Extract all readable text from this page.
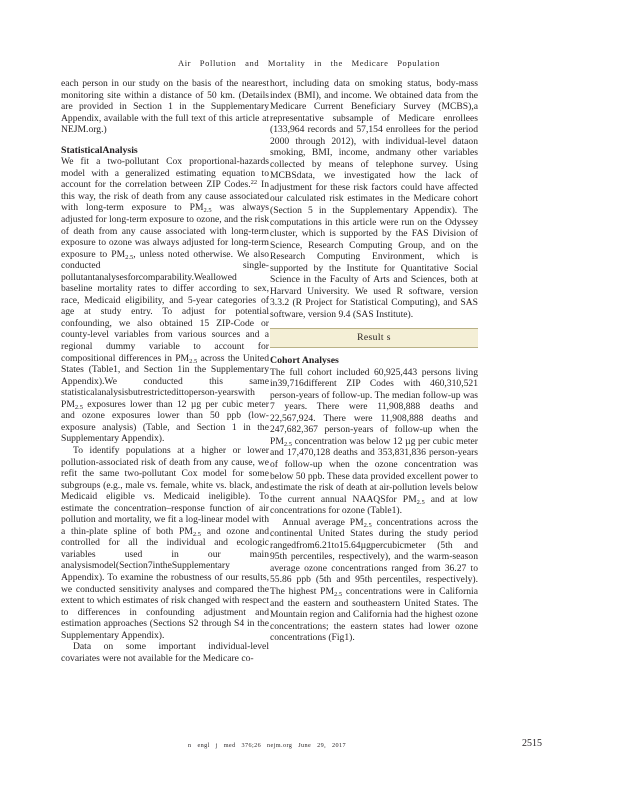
Air Pollution and Mortality in the Medicare Population

each person in our study on the basis of the nearest monitoring site within a distance of 50 km. (Details are provided in Section 1 in the Supplementary Appendix, available with the full text of this article at NEJM.org.)

StatisticalAnalysis

We fit a two-pollutant Cox proportional-hazards model with a generalized estimating equation to account for the correlation between ZIP Codes.$^{22}$ In this way, the risk of death from any cause associated with long-term exposure to $PM_{2.5}$ was always adjusted for long-term exposure to ozone, and the risk of death from any cause associated with long-term exposure to ozone was always adjusted for long-term exposure to $PM_{2.5}$, unless noted otherwise. We also conducted single-pollutantanalysesforcomparability.Weallowed baseline mortality rates to differ according to sex, race, Medicaid eligibility, and 5-year categories of age at study entry. To adjust for potential confounding, we also obtained 15 ZIP-Code or county-level variables from various sources and a regional dummy variable to account for compositional differences in $PM_{2.5}$ across the United States (Table1, and Section 1in the Supplementary Appendix).We conducted this same statisticalanalysisbutrestrictedittoperson-yearswith $PM_{2.5}$ exposures lower than 12 µg per cubic meter and ozone exposures lower than 50 ppb (low-exposure analysis) (Table, and Section 1 in the Supplementary Appendix).

To identify populations at a higher or lower pollution-associated risk of death from any cause, we refit the same two-pollutant Cox model for some subgroups (e.g., male vs. female, white vs. black, and Medicaid eligible vs. Medicaid ineligible). To estimate the concentration–response function of air pollution and mortality, we fit a log-linear model with a thin-plate spline of both $PM_{2.5}$ and ozone and controlled for all the individual and ecologic variables used in our main analysismodel(Section7intheSupplementary Appendix). To examine the robustness of our results, we conducted sensitivity analyses and compared the extent to which estimates of risk changed with respect to differences in confounding adjustment and estimation approaches (Sections S2 through S4 in the Supplementary Appendix).

Data on some important individual-level covariates were not available for the Medicare co-

hort, including data on smoking status, body-mass index (BMI), and income. We obtained data from the Medicare Current Beneficiary Survey (MCBS),a representative subsample of Medicare enrollees (133,964 records and 57,154 enrollees for the period 2000 through 2012), with individual-level dataon smoking, BMI, income, andmany other variables collected by means of telephone survey. Using MCBSdata, we investigated how the lack of adjustment for these risk factors could have affected our calculated risk estimates in the Medicare cohort (Section 5 in the Supplementary Appendix). The computations in this article were run on the Odyssey cluster, which is supported by the FAS Division of Science, Research Computing Group, and on the Research Computing Environment, which is supported by the Institute for Quantitative Social Science in the Faculty of Arts and Sciences, both at Harvard University. We used R software, version 3.3.2 (R Project for Statistical Computing), and SAS software, version 9.4 (SAS Institute).

Result s

Cohort Analyses

The full cohort included 60,925,443 persons living in39,716different ZIP Codes with 460,310,521 person-years of follow-up. The median follow-up was 7 years. There were 11,908,888 deaths and 22,567,924. There were 11,908,888 deaths and 247,682,367 person-years of follow-up when the $PM_{2.5}$ concentration was below 12 µg per cubic meter and 17,470,128 deaths and 353,831,836 person-years of follow-up when the ozone concentration was below 50 ppb. These data provided excellent power to estimate the risk of death at air-pollution levels below the current annual NAAQSfor $PM_{2.5}$ and at low concentrations for ozone (Table1).

Annual average $PM_{2.5}$ concentrations across the continental United States during the study period rangedfrom6.21to15.64µgpercubicmeter (5th and 95th percentiles, respectively), and the warm-season average ozone concentrations ranged from 36.27 to 55.86 ppb (5th and 95th percentiles, respectively). The highest $PM_{2.5}$ concentrations were in California and the eastern and southeastern United States. The Mountain region and California had the highest ozone concentrations; the eastern states had lower ozone concentrations (Fig1).

n engl j med 376;26 nejm.org June 29, 2017	2515
